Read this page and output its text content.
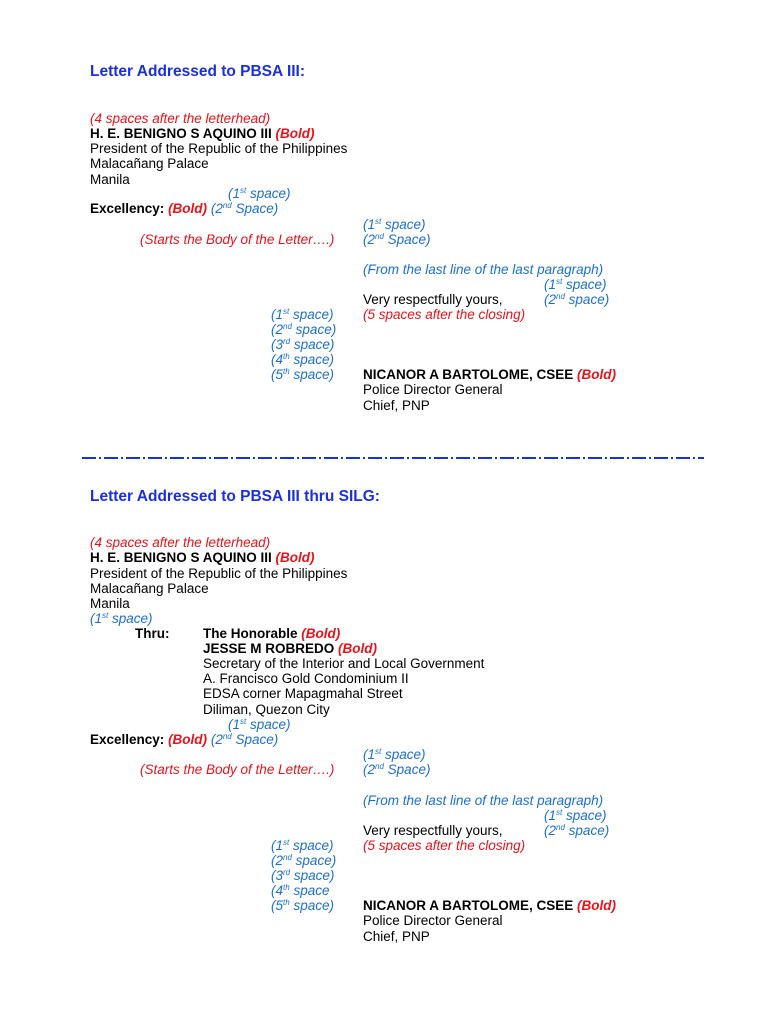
Letter Addressed to PBSA III:
(4 spaces after the letterhead)
H. E. BENIGNO S AQUINO III (Bold)
President of the Republic of the Philippines
Malacañang Palace
Manila
(1st space)
Excellency: (Bold) (2nd Space)
(1st space)
(Starts the Body of the Letter….) (2nd Space)
(From the last line of the last paragraph)
(1st space)
Very respectfully yours,	(2nd space)
(1st space) (5 spaces after the closing)
(2nd space)
(3rd space)
(4th space)
(5th space) NICANOR A BARTOLOME, CSEE (Bold)
Police Director General
Chief, PNP
Letter Addressed to PBSA III thru SILG:
(4 spaces after the letterhead)
H. E. BENIGNO S AQUINO III (Bold)
President of the Republic of the Philippines
Malacañang Palace
Manila
(1st space)
Thru: The Honorable (Bold)
JESSE M ROBREDO (Bold)
Secretary of the Interior and Local Government
A. Francisco Gold Condominium II
EDSA corner Mapagmahal Street
Diliman, Quezon City
(1st space)
Excellency: (Bold) (2nd Space)
(1st space)
(Starts the Body of the Letter….) (2nd Space)
(From the last line of the last paragraph)
(1st space)
Very respectfully yours,	(2nd space)
(1st space) (5 spaces after the closing)
(2nd space)
(3rd space)
(4th space
(5th space) NICANOR A BARTOLOME, CSEE (Bold)
Police Director General
Chief, PNP
